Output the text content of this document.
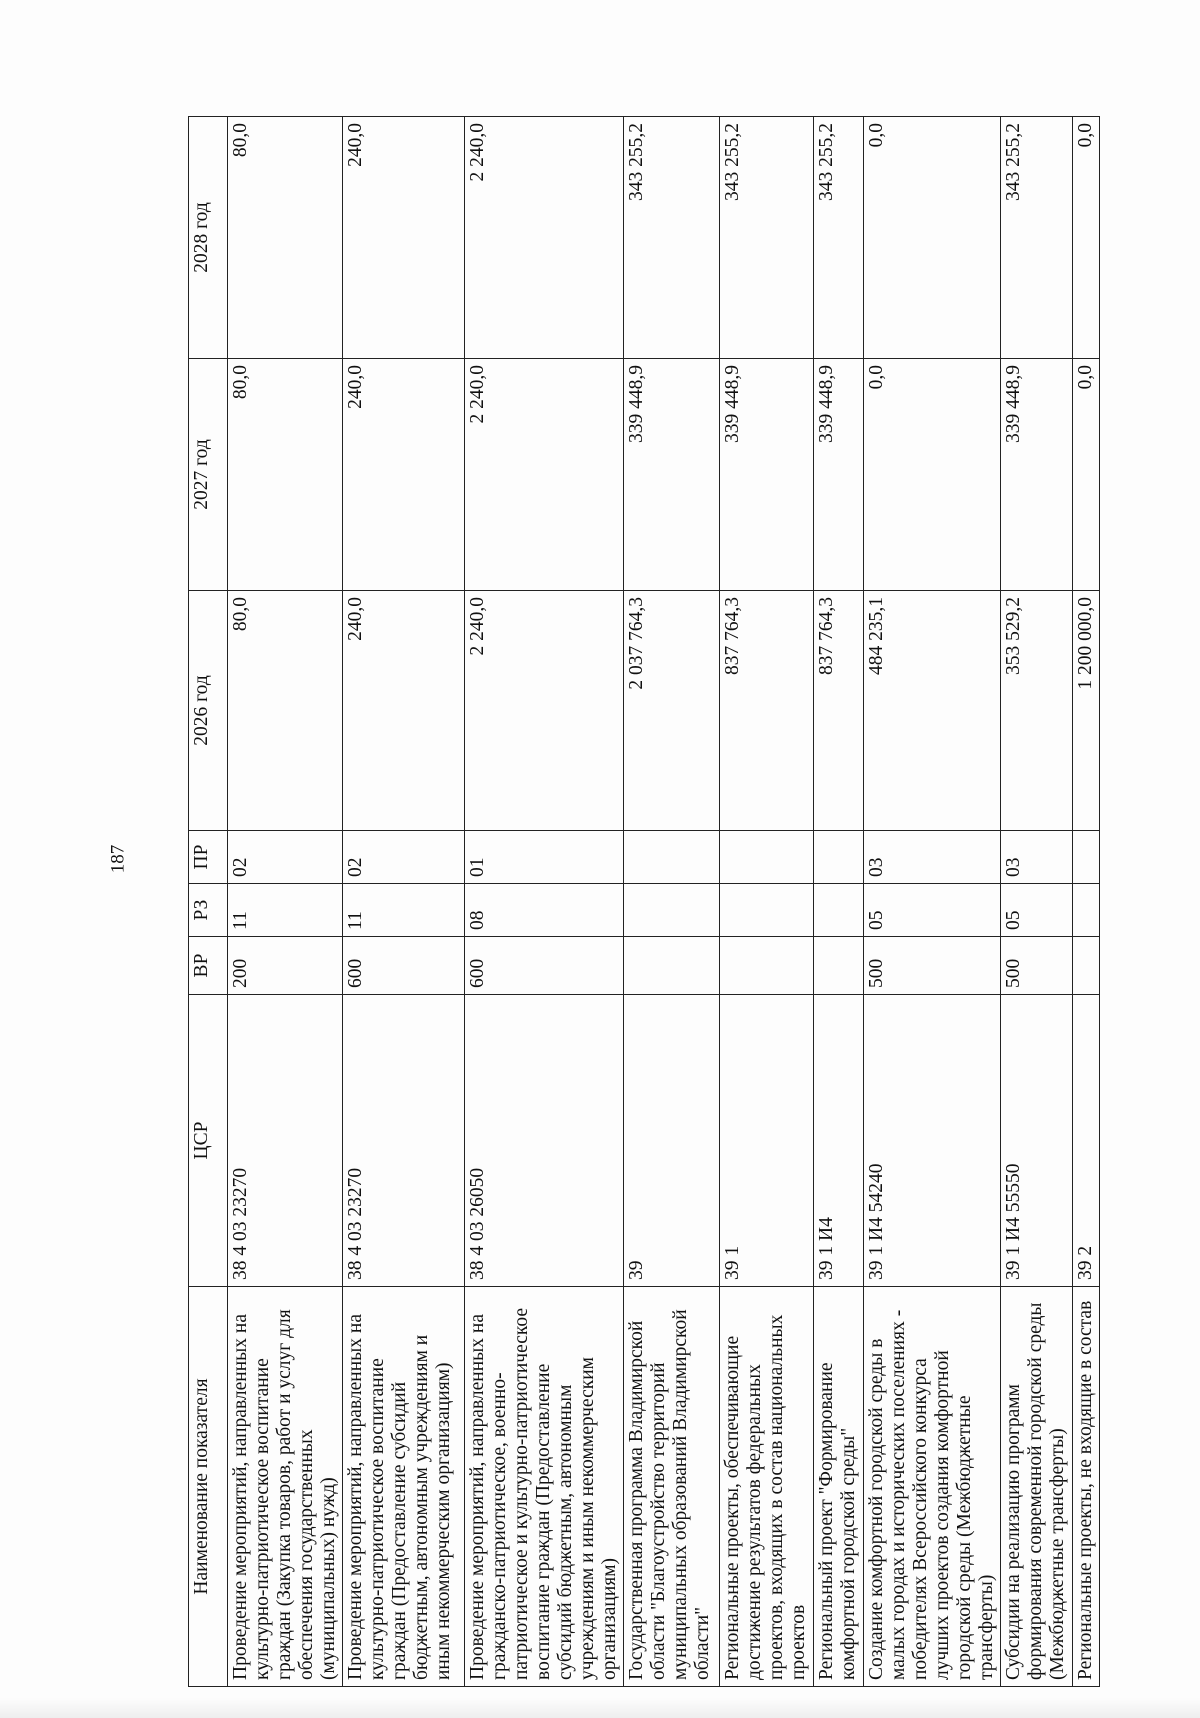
187
Наименование показателя	ЦСР	ВР	РЗ	ПР	2026 год	2027 год	2028 год
Проведение мероприятий, направленных на культурно-патриотическое воспитание граждан (Закупка товаров, работ и услуг для обеспечения государственных (муниципальных) нужд)	38 4 03 23270	200	11	02	80,0	80,0	80,0
Проведение мероприятий, направленных на культурно-патриотическое воспитание граждан (Предоставление субсидий бюджетным, автономным учреждениям и иным некоммерческим организациям)	38 4 03 23270	600	11	02	240,0	240,0	240,0
Проведение мероприятий, направленных на гражданско-патриотическое, военно-патриотическое и культурно-патриотическое воспитание граждан (Предоставление субсидий бюджетным, автономным учреждениям и иным некоммерческим организациям)	38 4 03 26050	600	08	01	2 240,0	2 240,0	2 240,0
Государственная программа Владимирской области "Благоустройство территорий муниципальных образований Владимирской области"	39				2 037 764,3	339 448,9	343 255,2
Региональные проекты, обеспечивающие достижение результатов федеральных проектов, входящих в состав национальных проектов	39 1				837 764,3	339 448,9	343 255,2
Региональный проект "Формирование комфортной городской среды"	39 1 И4				837 764,3	339 448,9	343 255,2
Создание комфортной городской среды в малых городах и исторических поселениях - победителях Всероссийского конкурса лучших проектов создания комфортной городской среды (Межбюджетные трансферты)	39 1 И4 54240	500	05	03	484 235,1	0,0	0,0
Субсидии на реализацию программ формирования современной городской среды (Межбюджетные трансферты)	39 1 И4 55550	500	05	03	353 529,2	339 448,9	343 255,2
Региональные проекты, не входящие в состав	39 2				1 200 000,0	0,0	0,0
